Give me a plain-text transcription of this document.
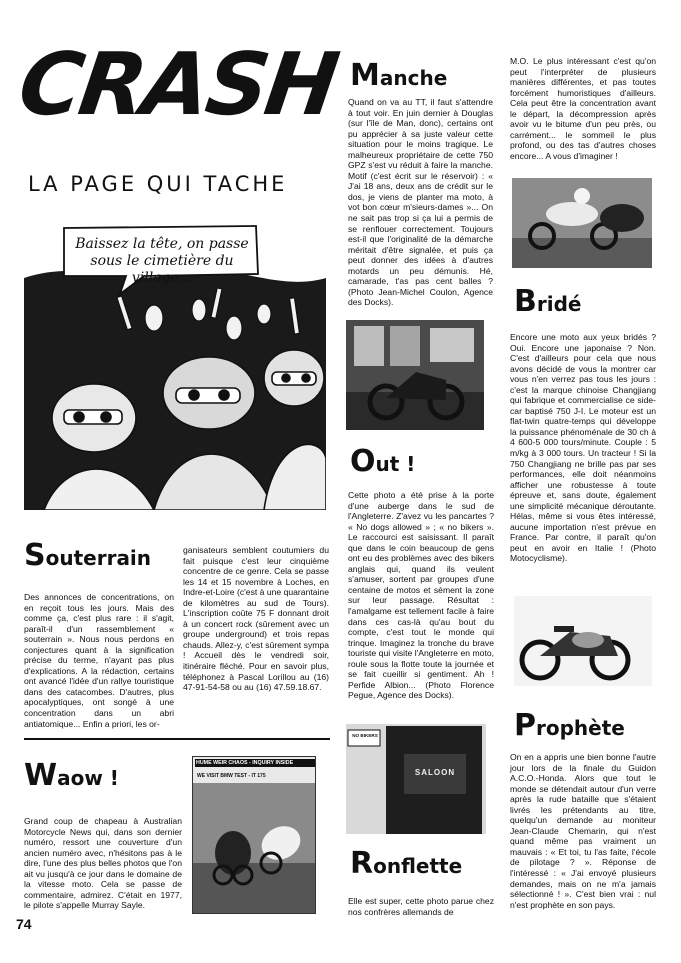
CRASH
LA PAGE QUI TACHE
Baissez la tête, on passe sous le cimetière du village...
Souterrain
Des annonces de concentrations, on en reçoit tous les jours. Mais des comme ça, c'est plus rare : il s'agit, paraît-il d'un rassemblement « souterrain ». Nous nous perdons en conjectures quant à la signification précise du terme, n'ayant pas plus d'explications. A la rédaction, certains ont avancé l'idée d'un rallye touristique dans des catacombes. D'autres, plus apocalyptiques, ont songé à une concentration dans un abri antiatomique... Enfin a priori, les or-
ganisateurs semblent coutumiers du fait puisque c'est leur cinquième concentre de ce genre. Cela se passe les 14 et 15 novembre à Loches, en Indre-et-Loire (c'est à une quarantaine de kilomètres au sud de Tours). L'inscription coûte 75 F donnant droit à un concert rock (sûrement avec un groupe underground) et trois repas chauds. Allez-y, c'est sûrement sympa ! Accueil dès le vendredi soir, itinéraire fléché. Pour en savoir plus, téléphonez à Pascal Lorillou au (16) 47-91-54-58 ou au (16) 47.59.18.67.
Waow !
Grand coup de chapeau à Australian Motorcycle News qui, dans son dernier numéro, ressort une couverture d'un ancien numéro avec, n'hésitons pas à le dire, l'une des plus belles photos que l'on ait vu jusqu'à ce jour dans le domaine de la vitesse moto. Cela se passe de commentaire, admirez. C'était en 1977, le pilote s'appelle Murray Sayle.
HUME WEIR CHAOS - INQUIRY INSIDE
WE VISIT BMW TEST - IT 175
Manche
Quand on va au TT, il faut s'attendre à tout voir. En juin dernier à Douglas (sur l'île de Man, donc), certains ont pu apprécier à sa juste valeur cette situation pour le moins tragique. Le malheureux propriétaire de cette 750 GPZ s'est vu réduit à faire la manche. Motif (c'est écrit sur le réservoir) : « J'ai 18 ans, deux ans de crédit sur le dos, je viens de planter ma moto, à vot bon cœur m'sieurs-dames »... On ne sait pas trop si ça lui a permis de se renflouer correctement. Toujours est-il que l'originalité de la démarche méritait d'être signalée, et puis ça peut donner des idées à d'autres motards un peu démunis. Hé, camarade, t'as pas cent balles ? (Photo Jean-Michel Coulon, Agence des Docks).
Out !
Cette photo a été prise à la porte d'une auberge dans le sud de l'Angleterre. Z'avez vu les pancartes ? « No dogs allowed » ; « no bikers ». Le raccourci est saisissant. Il paraît que dans le coin beaucoup de gens ont eu des problèmes avec des bikers anglais qui, quand ils veulent s'amuser, sortent par groupes d'une centaine de motos et sèment la zone sur leur passage. Résultat : l'amalgame est tellement facile à faire dans ces cas-là qu'au bout du compte, c'est tout le monde qui trinque. Imaginez la tronche du brave touriste qui visite l'Angleterre en moto, roule sous la flotte toute la journée et se fait cueillir si gentiment. Ah ! Perfide Albion... (Photo Florence Pegue, Agence des Docks).
NO BIKERS
SALOON
Ronflette
Elle est super, cette photo parue chez nos confrères allemands de
M.O. Le plus intéressant c'est qu'on peut l'interpréter de plusieurs manières différentes, et pas toutes forcément humoristiques d'ailleurs. Cela peut être la concentration avant le départ, la décompression après avoir vu le bitume d'un peu près, ou carrément... le sommeil le plus profond, ou des tas d'autres choses encore... A vous d'imaginer !
Bridé
Encore une moto aux yeux bridés ? Oui. Encore une japonaise ? Non. C'est d'ailleurs pour cela que nous avons décidé de vous la montrer car vous n'en verrez pas tous les jours : c'est la marque chinoise Changjiang qui fabrique et commercialise ce side-car baptisé 750 J-I. Le moteur est un flat-twin quatre-temps qui développe la puissance phénoménale de 30 ch à 4 600-5 000 tours/minute. Couple : 5 m/kg à 3 000 tours. Un tracteur ! Si la 750 Changjiang ne brille pas par ses performances, elle doit néanmoins afficher une robustesse à toute épreuve et, sans doute, également une simplicité mécanique déroutante. Hélas, même si vous êtes intéressé, aucune importation n'est prévue en France. Par contre, il paraît qu'on peut en avoir en Italie ! (Photo Motocyclisme).
Prophète
On en a appris une bien bonne l'autre jour lors de la finale du Guidon A.C.O.-Honda. Alors que tout le monde se détendait autour d'un verre après la rude bataille que s'étaient livrés les prétendants au titre, quelqu'un demande au moniteur Jean-Claude Chemarin, qui n'est quand même pas vraiment un mauvais : « Et toi, tu l'as faite, l'école de pilotage ? ». Réponse de l'intéressé : « J'ai envoyé plusieurs demandes, mais on ne m'a jamais sélectionné ! ». C'est bien vrai : nul n'est prophète en son pays.
74
